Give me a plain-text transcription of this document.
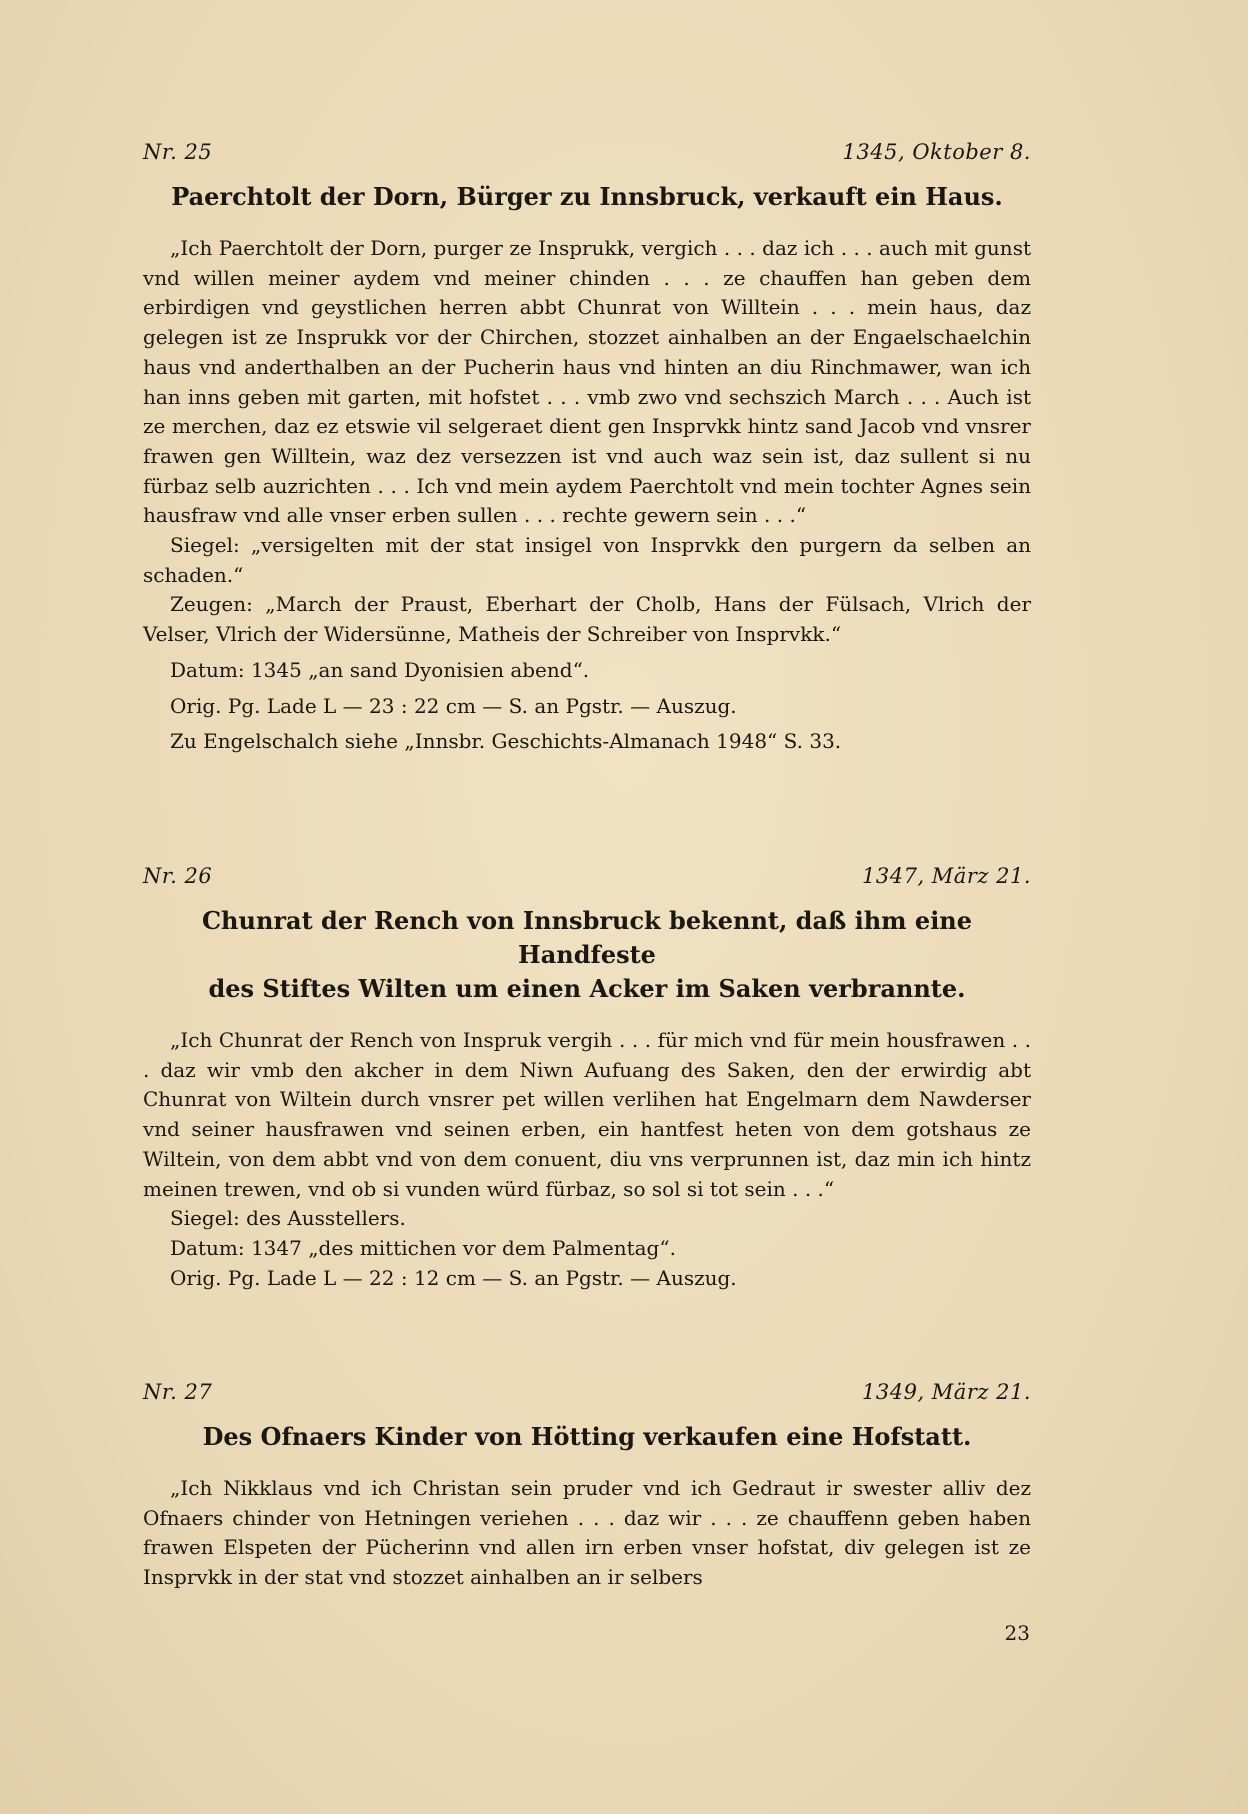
Nr. 25	1345, Oktober 8.
Paerchtolt der Dorn, Bürger zu Innsbruck, verkauft ein Haus.

„Ich Paerchtolt der Dorn, purger ze Insprukk, vergich . . . daz ich . . . auch mit gunst vnd willen meiner aydem vnd meiner chinden . . . ze chauffen han geben dem erbirdigen vnd geystlichen herren abbt Chunrat von Willtein . . . mein haus, daz gelegen ist ze Insprukk vor der Chirchen, stozzet ainhalben an der Engaelschaelchin haus vnd anderthalben an der Pucherin haus vnd hinten an diu Rinchmawer, wan ich han inns geben mit garten, mit hofstet . . . vmb zwo vnd sechszich March . . . Auch ist ze merchen, daz ez etswie vil selgeraet dient gen Insprvkk hintz sand Jacob vnd vnsrer frawen gen Willtein, waz dez versezzen ist vnd auch waz sein ist, daz sullent si nu fürbaz selb auzrichten . . . Ich vnd mein aydem Paerchtolt vnd mein tochter Agnes sein hausfraw vnd alle vnser erben sullen . . . rechte gewern sein . . .“

Siegel: „versigelten mit der stat insigel von Insprvkk den purgern da selben an schaden.“

Zeugen: „March der Praust, Eberhart der Cholb, Hans der Fülsach, Vlrich der Velser, Vlrich der Widersünne, Matheis der Schreiber von Insprvkk.“

Datum: 1345 „an sand Dyonisien abend“.

Orig. Pg. Lade L — 23 : 22 cm — S. an Pgstr. — Auszug.

Zu Engelschalch siehe „Innsbr. Geschichts-Almanach 1948“ S. 33.

Nr. 26	1347, März 21.
Chunrat der Rench von Innsbruck bekennt, daß ihm eine Handfeste
des Stiftes Wilten um einen Acker im Saken verbrannte.

„Ich Chunrat der Rench von Inspruk vergih . . . für mich vnd für mein housfrawen . . . daz wir vmb den akcher in dem Niwn Aufuang des Saken, den der erwirdig abt Chunrat von Wiltein durch vnsrer pet willen verlihen hat Engelmarn dem Nawderser vnd seiner hausfrawen vnd seinen erben, ein hantfest heten von dem gotshaus ze Wiltein, von dem abbt vnd von dem conuent, diu vns verprunnen ist, daz min ich hintz meinen trewen, vnd ob si vunden würd fürbaz, so sol si tot sein . . .“

Siegel: des Ausstellers.

Datum: 1347 „des mittichen vor dem Palmentag“.

Orig. Pg. Lade L — 22 : 12 cm — S. an Pgstr. — Auszug.

Nr. 27	1349, März 21.
Des Ofnaers Kinder von Hötting verkaufen eine Hofstatt.

„Ich Nikklaus vnd ich Christan sein pruder vnd ich Gedraut ir swester alliv dez Ofnaers chinder von Hetningen veriehen . . . daz wir . . . ze chauffenn geben haben frawen Elspeten der Pücherinn vnd allen irn erben vnser hofstat, div gelegen ist ze Insprvkk in der stat vnd stozzet ainhalben an ir selbers

23
